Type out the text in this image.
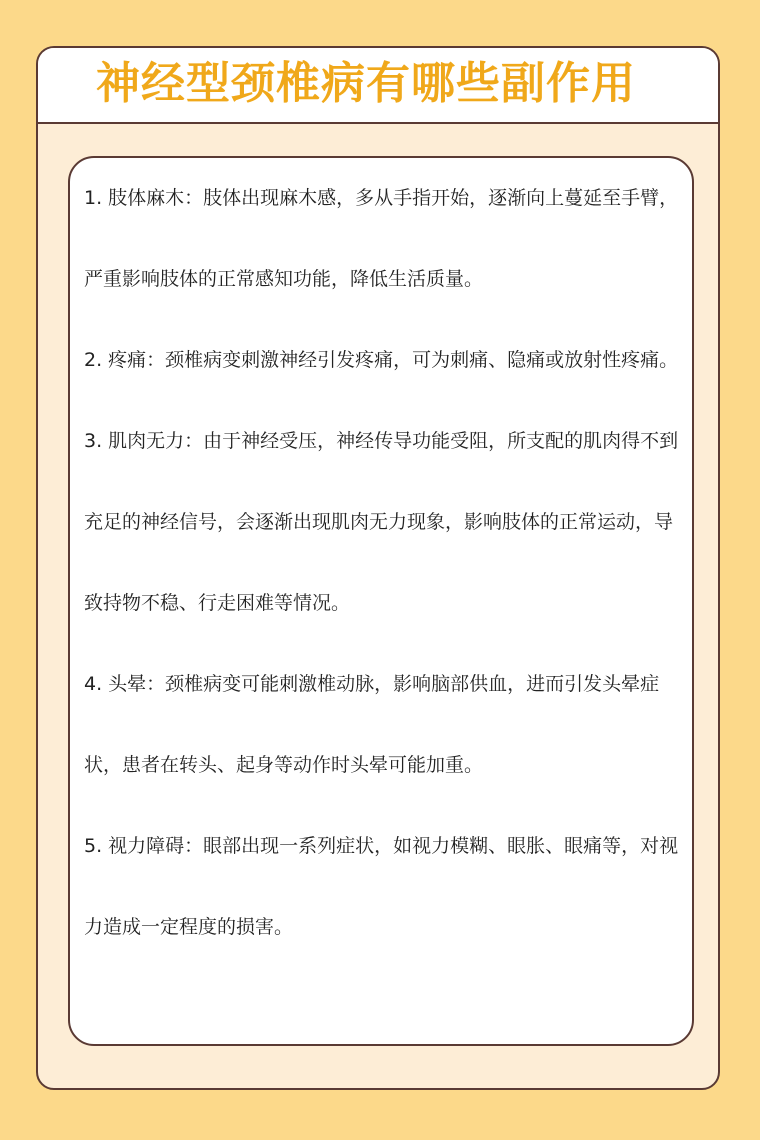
神经型颈椎病有哪些副作用
1. 肢体麻木：肢体出现麻木感，多从手指开始，逐渐向上蔓延至手臂，严重影响肢体的正常感知功能，降低生活质量。
2. 疼痛：颈椎病变刺激神经引发疼痛，可为刺痛、隐痛或放射性疼痛。
3. 肌肉无力：由于神经受压，神经传导功能受阻，所支配的肌肉得不到充足的神经信号，会逐渐出现肌肉无力现象，影响肢体的正常运动，导致持物不稳、行走困难等情况。
4. 头晕：颈椎病变可能刺激椎动脉，影响脑部供血，进而引发头晕症状，患者在转头、起身等动作时头晕可能加重。
5. 视力障碍：眼部出现一系列症状，如视力模糊、眼胀、眼痛等，对视力造成一定程度的损害。
